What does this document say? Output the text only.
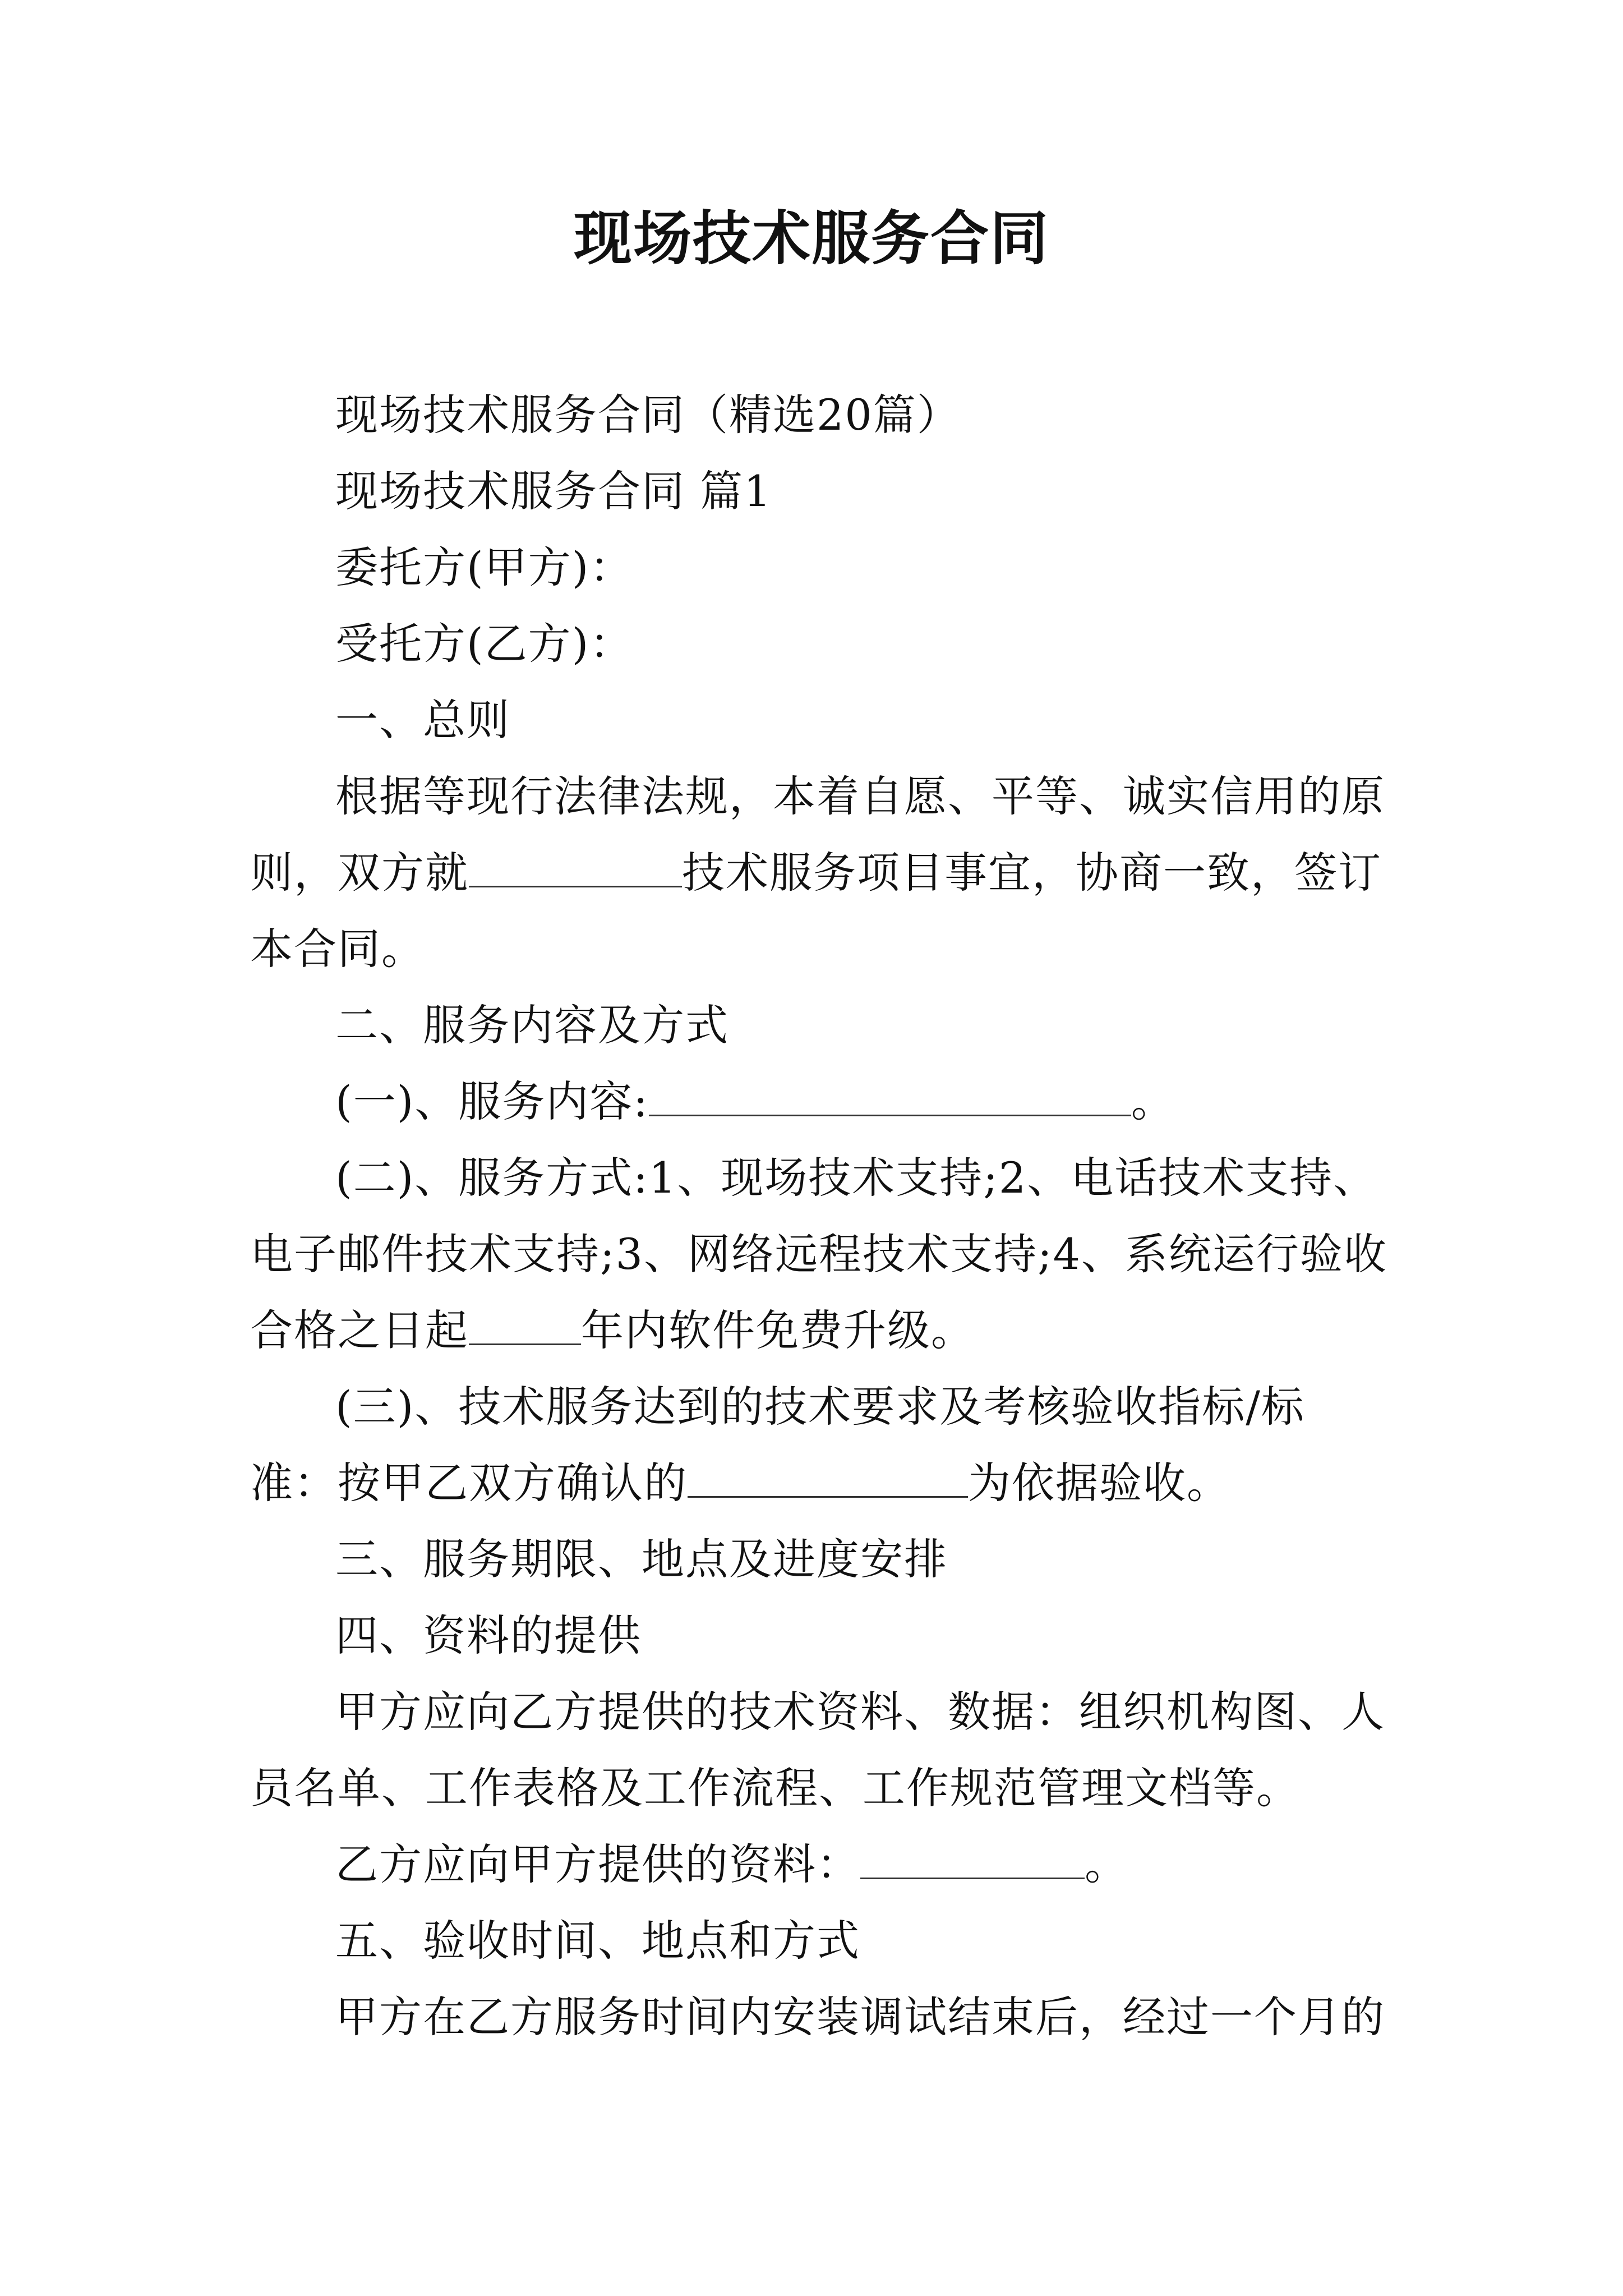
现场技术服务合同

现场技术服务合同（精选20篇）

现场技术服务合同 篇1

委托方(甲方)：

受托方(乙方)：

一、总则

根据等现行法律法规，本着自愿、平等、诚实信用的原则，双方就	技术服务项目事宜，协商一致，签订本合同。

二、服务内容及方式

(一)、服务内容:	。

(二)、服务方式:1、现场技术支持;2、电话技术支持、电子邮件技术支持;3、网络远程技术支持;4、系统运行验收合格之日起	年内软件免费升级。

(三)、技术服务达到的技术要求及考核验收指标/标准：按甲乙双方确认的	为依据验收。

三、服务期限、地点及进度安排

四、资料的提供

甲方应向乙方提供的技术资料、数据：组织机构图、人员名单、工作表格及工作流程、工作规范管理文档等。

乙方应向甲方提供的资料：	。

五、验收时间、地点和方式

甲方在乙方服务时间内安装调试结束后，经过一个月的
